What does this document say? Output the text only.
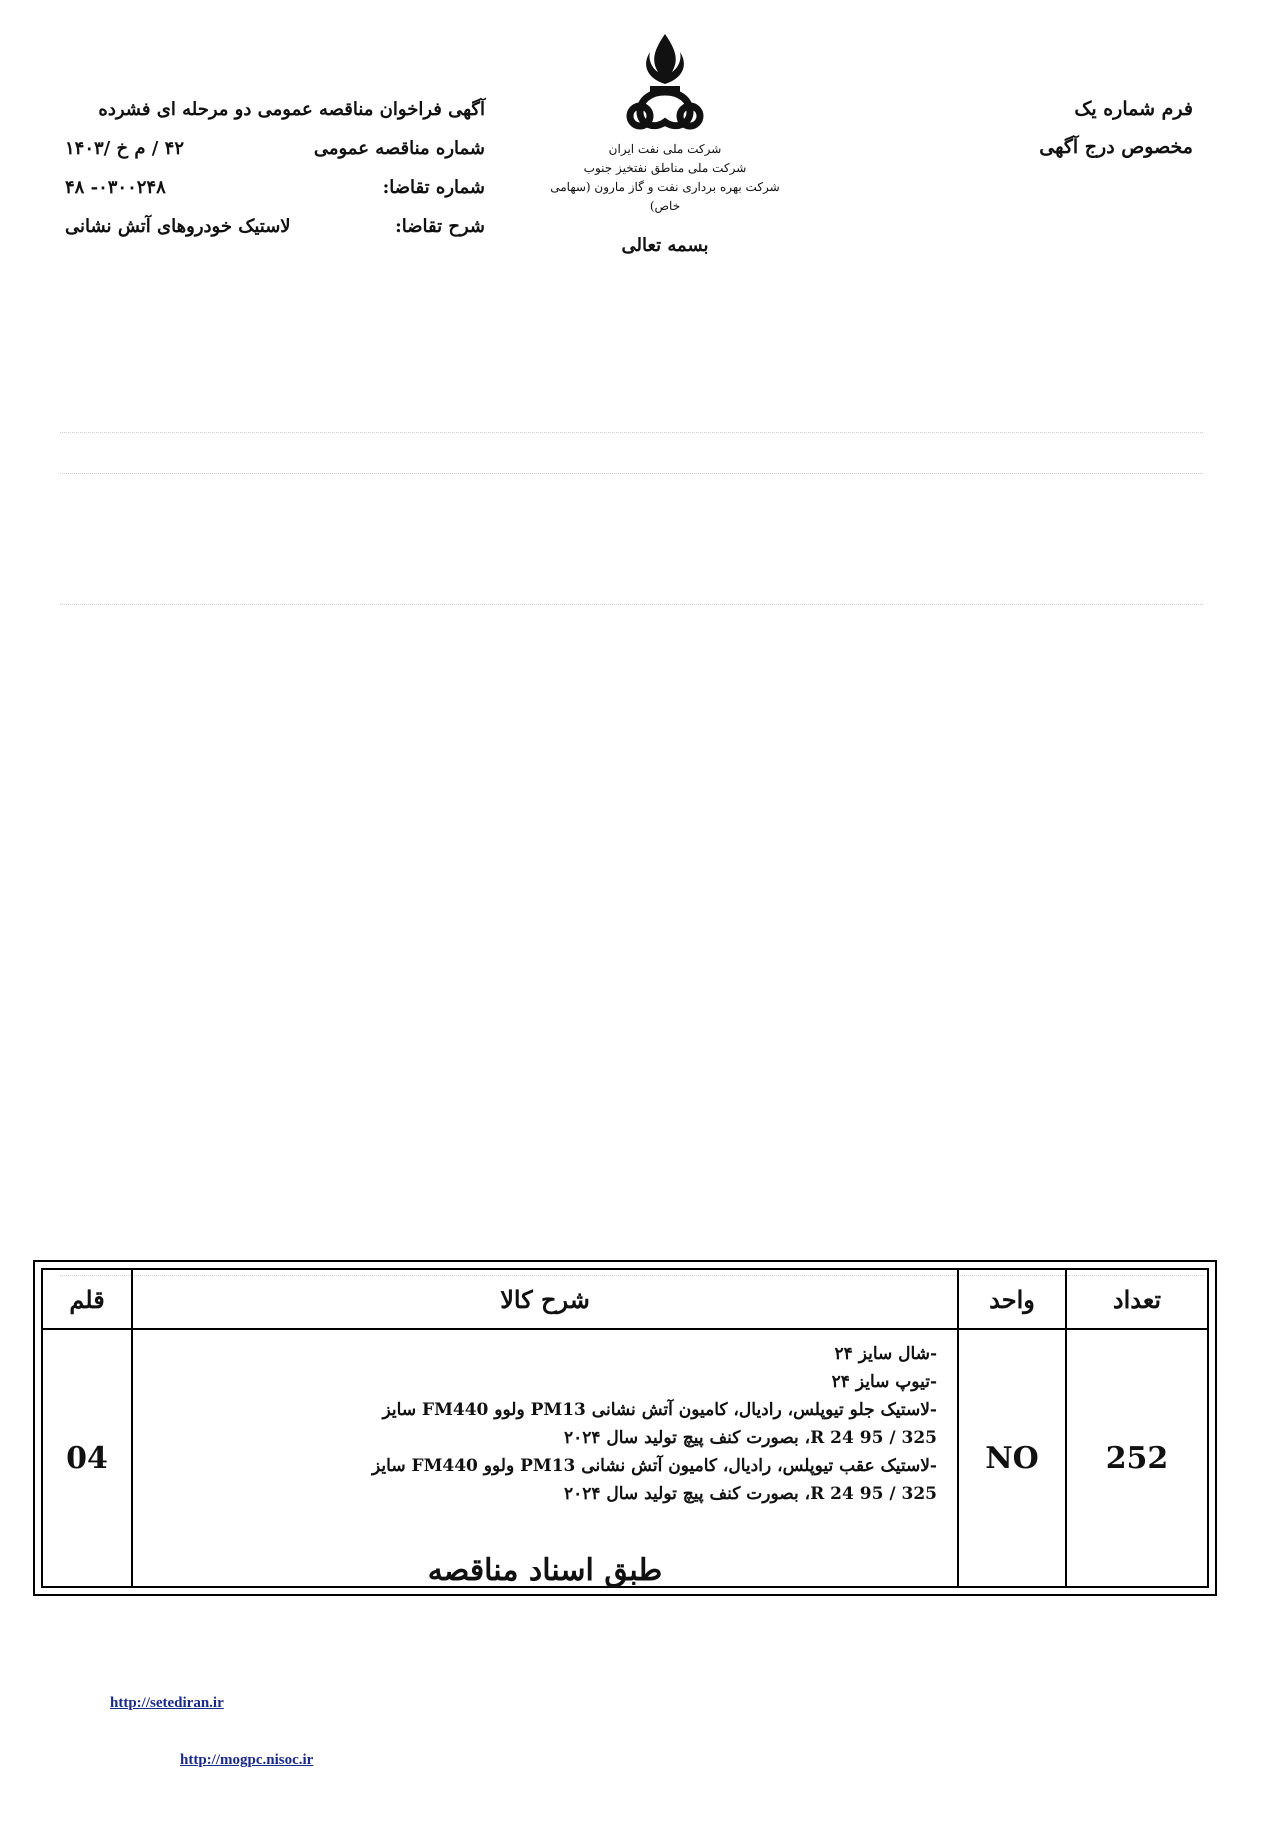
فرم شماره یک
مخصوص درج آگهی
شرکت ملی نفت ایران
شرکت ملی مناطق نفتخیز جنوب
شرکت بهره برداری نفت و گاز مارون (سهامی خاص)
آگهی فراخوان مناقصه عمومی دو مرحله ای فشرده
شماره مناقصه عمومی
۴۲ / م خ /۱۴۰۳
شماره تقاضا:
۰۳۰۰۲۴۸- ۴۸
شرح تقاضا:
لاستیک خودروهای آتش نشانی
بسمه تعالی
تعداد
واحد
شرح کالا
قلم
252
NO
04
-شال سایز ۲۴
-تیوپ سایز ۲۴
-لاستیک جلو تیوپلس، رادیال، کامیون آتش نشانی PM13 ولوو FM440 سایز
325 / 95 R 24، بصورت کنف پیچ تولید سال ۲۰۲۴
-لاستیک عقب تیوپلس، رادیال، کامیون آتش نشانی PM13 ولوو FM440 سایز
325 / 95 R 24، بصورت کنف پیچ تولید سال ۲۰۲۴
طبق اسناد مناقصه
http://setediran.ir
http://mogpc.nisoc.ir
